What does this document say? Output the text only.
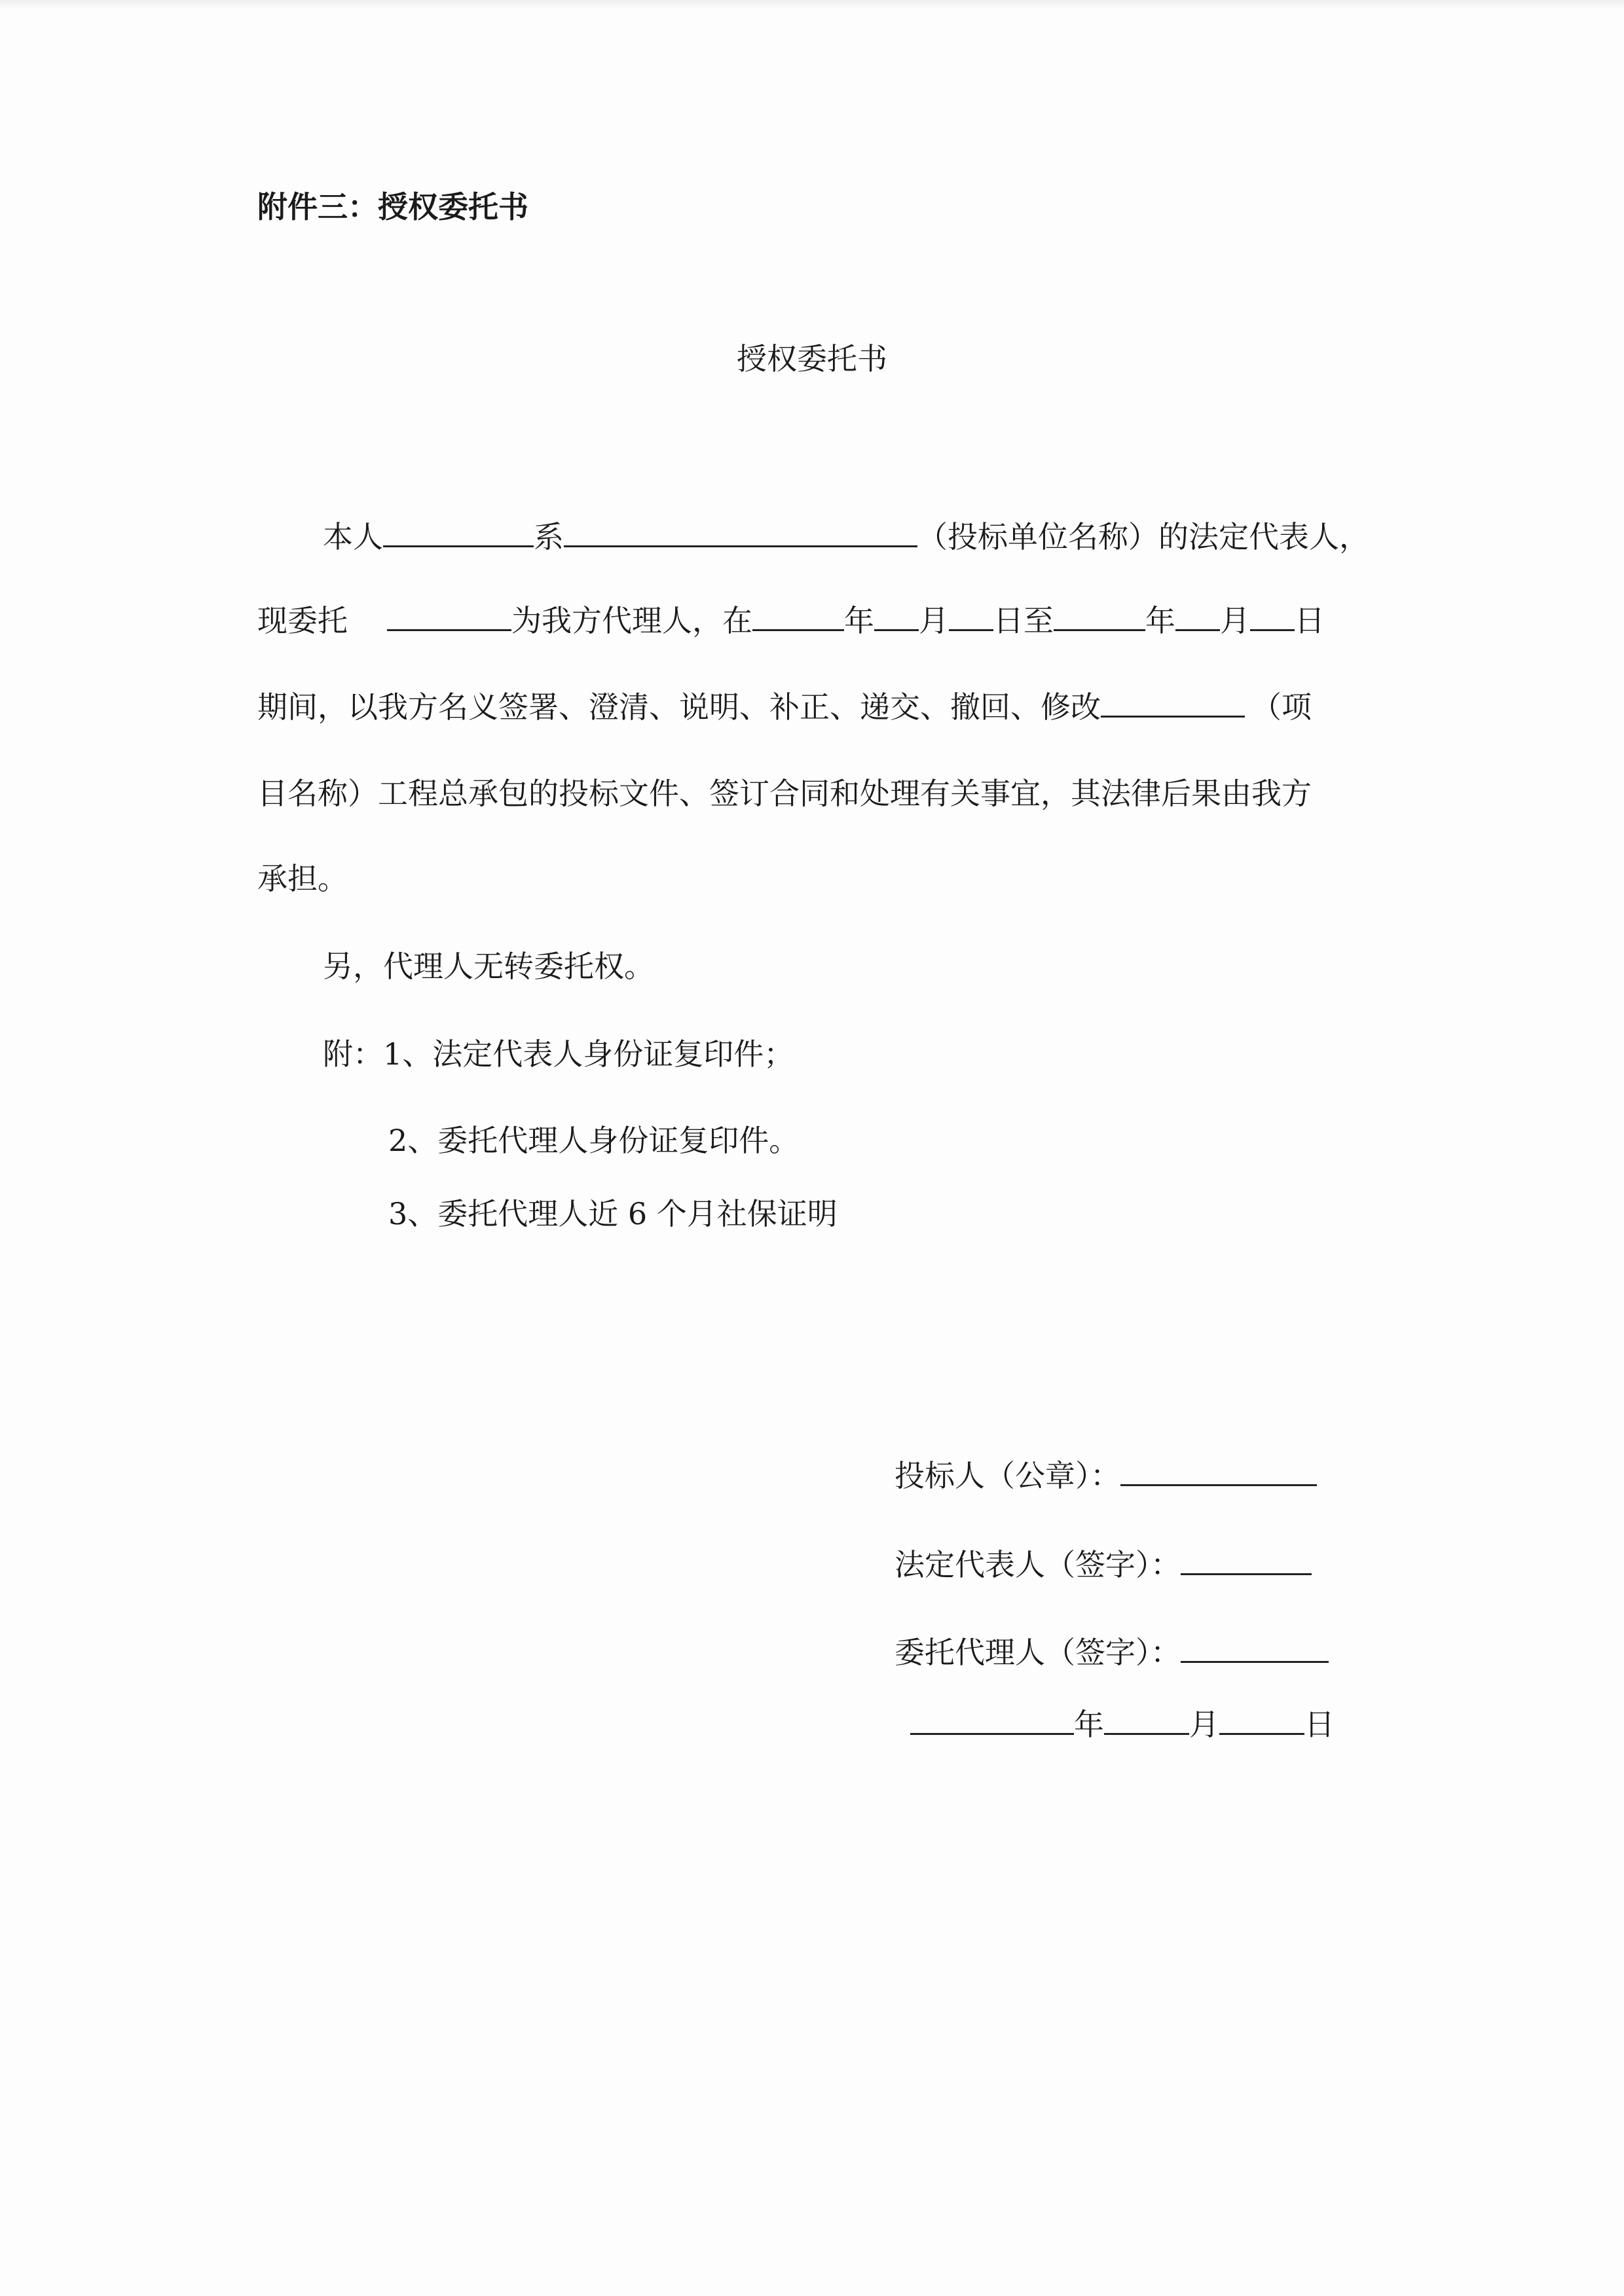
附件三：授权委托书
授权委托书
本人	系	（投标单位名称）的法定代表人，
现委托	为我方代理人，在	年 月 日至	年 月 日
期间，以我方名义签署、澄清、说明、补正、递交、撤回、修改	（项
目名称）工程总承包的投标文件、签订合同和处理有关事宜，其法律后果由我方
承担。
另，代理人无转委托权。
附：1、法定代表人身份证复印件；
2、委托代理人身份证复印件。
3、委托代理人近 6 个月社保证明
投标人（公章）：
法定代表人（签字）：
委托代理人（签字）：
年	月	日
